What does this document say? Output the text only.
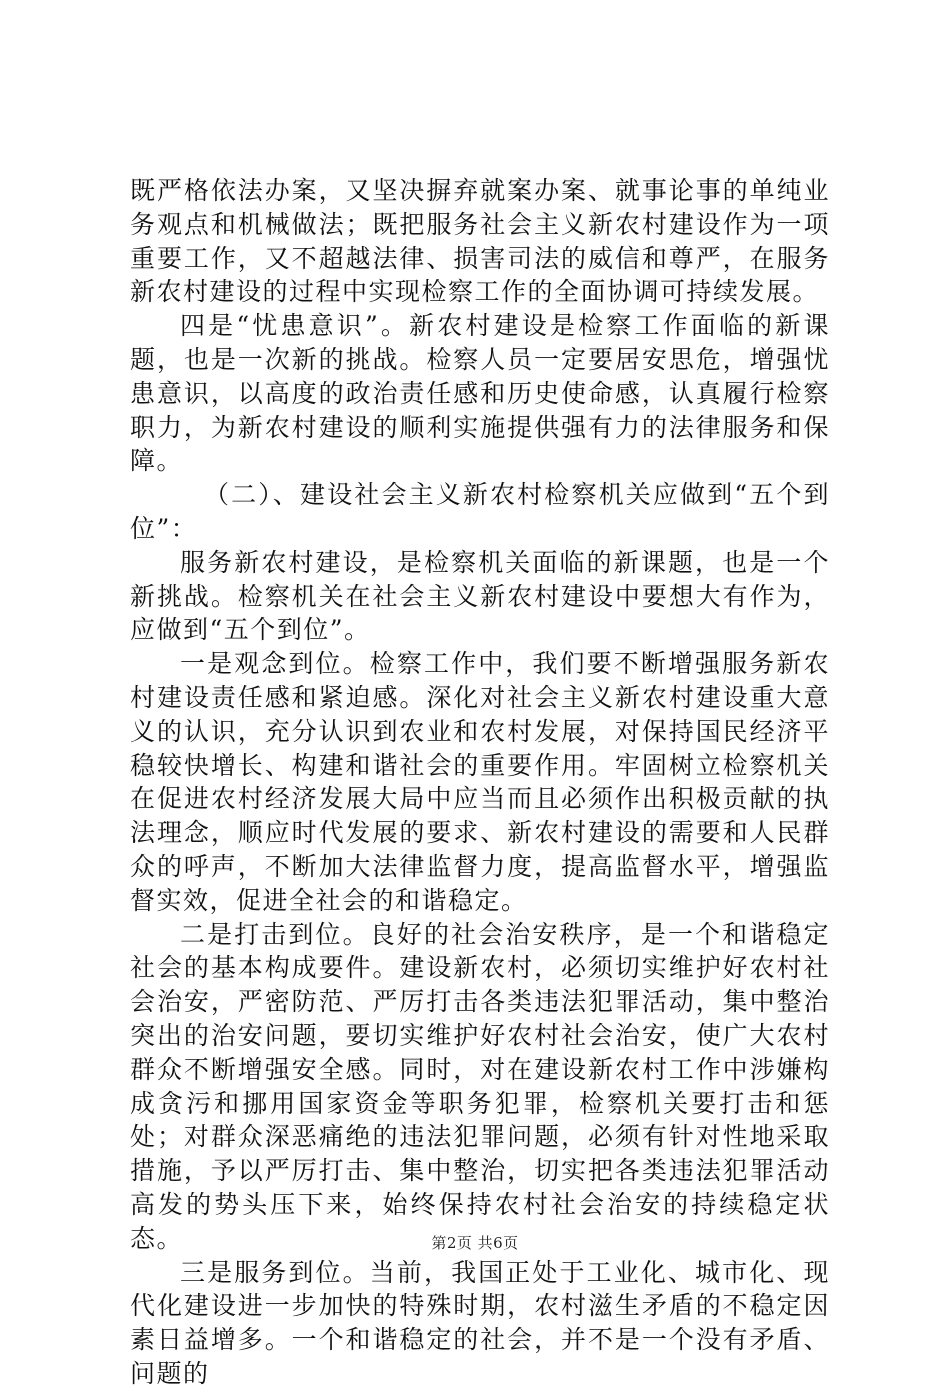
既严格依法办案，又坚决摒弃就案办案、就事论事的单纯业务观点和机械做法；既把服务社会主义新农村建设作为一项重要工作，又不超越法律、损害司法的威信和尊严，在服务新农村建设的过程中实现检察工作的全面协调可持续发展。

四是“忧患意识”。新农村建设是检察工作面临的新课题，也是一次新的挑战。检察人员一定要居安思危，增强忧患意识，以高度的政治责任感和历史使命感，认真履行检察职力，为新农村建设的顺利实施提供强有力的法律服务和保障。

（二）、建设社会主义新农村检察机关应做到“五个到位”：

服务新农村建设，是检察机关面临的新课题，也是一个新挑战。检察机关在社会主义新农村建设中要想大有作为，应做到“五个到位”。

一是观念到位。检察工作中，我们要不断增强服务新农村建设责任感和紧迫感。深化对社会主义新农村建设重大意义的认识，充分认识到农业和农村发展，对保持国民经济平稳较快增长、构建和谐社会的重要作用。牢固树立检察机关在促进农村经济发展大局中应当而且必须作出积极贡献的执法理念，顺应时代发展的要求、新农村建设的需要和人民群众的呼声，不断加大法律监督力度，提高监督水平，增强监督实效，促进全社会的和谐稳定。

二是打击到位。良好的社会治安秩序，是一个和谐稳定社会的基本构成要件。建设新农村，必须切实维护好农村社会治安，严密防范、严厉打击各类违法犯罪活动，集中整治突出的治安问题，要切实维护好农村社会治安，使广大农村群众不断增强安全感。同时，对在建设新农村工作中涉嫌构成贪污和挪用国家资金等职务犯罪，检察机关要打击和惩处；对群众深恶痛绝的违法犯罪问题，必须有针对性地采取措施，予以严厉打击、集中整治，切实把各类违法犯罪活动高发的势头压下来，始终保持农村社会治安的持续稳定状态。

三是服务到位。当前，我国正处于工业化、城市化、现代化建设进一步加快的特殊时期，农村滋生矛盾的不稳定因素日益增多。一个和谐稳定的社会，并不是一个没有矛盾、问题的

第2页 共6页
